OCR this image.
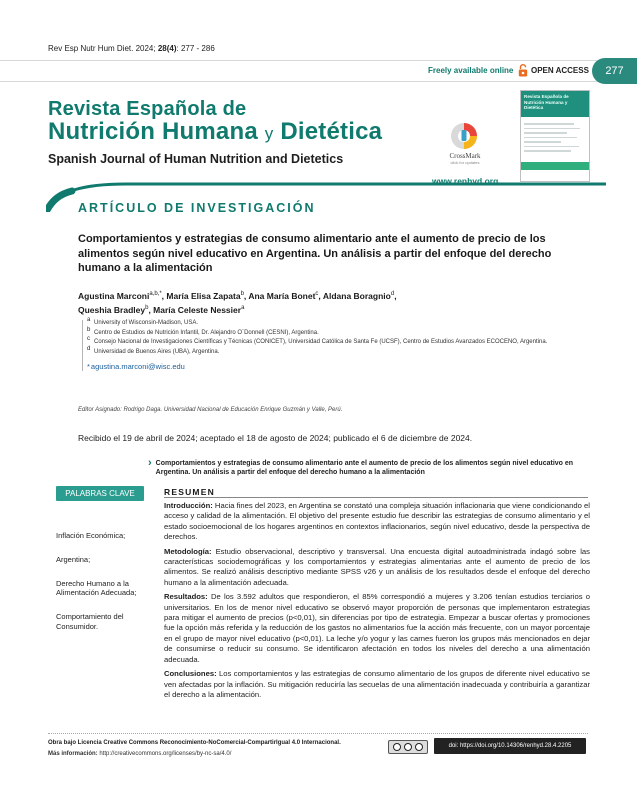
Rev Esp Nutr Hum Diet. 2024; 28(4): 277 - 286
Freely available online OPEN ACCESS	277
Revista Española de
Nutrición Humana y Dietética
Spanish Journal of Human Nutrition and Dietetics	CrossMark
click for updates
Revista Española de Nutrición Humana y Dietética
www.renhyd.org
ARTÍCULO DE INVESTIGACIÓN
Comportamientos y estrategias de consumo alimentario ante el aumento de precio de los alimentos según nivel educativo en Argentina. Un análisis a partir del enfoque del derecho humano a la alimentación
Agustina Marconi$^{a,b,*}$, María Elisa Zapata$^b$, Ana María Bonet$^c$, Aldana Boragnio$^d$,
Queshia Bradley$^b$, María Celeste Nessier$^a$
a University of Wisconsin-Madison, USA.
b Centro de Estudios de Nutrición Infantil, Dr. Alejandro O´Donnell (CESNI), Argentina.
c Consejo Nacional de Investigaciones Científicas y Técnicas (CONICET), Universidad Católica de Santa Fe (UCSF), Centro de Estudios Avanzados ECOCENO, Argentina.
d Universidad de Buenos Aires (UBA), Argentina.
* agustina.marconi@wisc.edu
Editor Asignado: Rodrigo Daga. Universidad Nacional de Educación Enrique Guzmán y Valle, Perú.
Recibido el 19 de abril de 2024; aceptado el 18 de agosto de 2024; publicado el 6 de diciembre de 2024.
› Comportamientos y estrategias de consumo alimentario ante el aumento de precio de los alimentos según nivel educativo en Argentina. Un análisis a partir del enfoque del derecho humano a la alimentación
PALABRAS CLAVE
Inflación Económica;
Argentina;
Derecho Humano a la Alimentación Adecuada;
Comportamiento del Consumidor.
RESUMEN

Introducción: Hacia fines del 2023, en Argentina se constató una compleja situación inflacionaria que viene condicionando el acceso y calidad de la alimentación. El objetivo del presente estudio fue describir las estrategias de consumo alimentario y el estado socioemocional de los hogares argentinos en contextos inflacionarios, según nivel educativo, desde la perspectiva de derechos.

Metodología: Estudio observacional, descriptivo y transversal. Una encuesta digital autoadministrada indagó sobre las características sociodemográficas y los comportamientos y estrategias alimentarias ante el aumento de precio de los alimentos. Se realizó análisis descriptivo mediante SPSS v26 y un análisis de los resultados desde el enfoque del derecho humano a la alimentación adecuada.

Resultados: De los 3.592 adultos que respondieron, el 85% correspondió a mujeres y 3.206 tenían estudios terciarios o universitarios. En los de menor nivel educativo se observó mayor proporción de personas que implementaron estrategias para mitigar el aumento de precios (p<0,01), sin diferencias por tipo de estrategia. Empezar a buscar ofertas y promociones fue la opción más referida y la reducción de los gastos no alimentarios fue la acción más frecuente, con un mayor porcentaje en el grupo de mayor nivel educativo (p<0,01). La leche y/o yogur y las carnes fueron los grupos más mencionados en dejar de consumirse o reducir su consumo. Se identificaron afectación en todos los niveles del derecho a una alimentación adecuada.

Conclusiones: Los comportamientos y las estrategias de consumo alimentario de los grupos de diferente nivel educativo se ven afectadas por la inflación. Su mitigación reduciría las secuelas de una alimentación inadecuada y contribuiría a garantizar el derecho a la alimentación.

Obra bajo Licencia Creative Commons Reconocimiento-NoComercial-CompartirIgual 4.0 Internacional.
Más información: http://creativecommons.org/licenses/by-nc-sa/4.0/
doi: https://doi.org/10.14306/renhyd.28.4.2205
